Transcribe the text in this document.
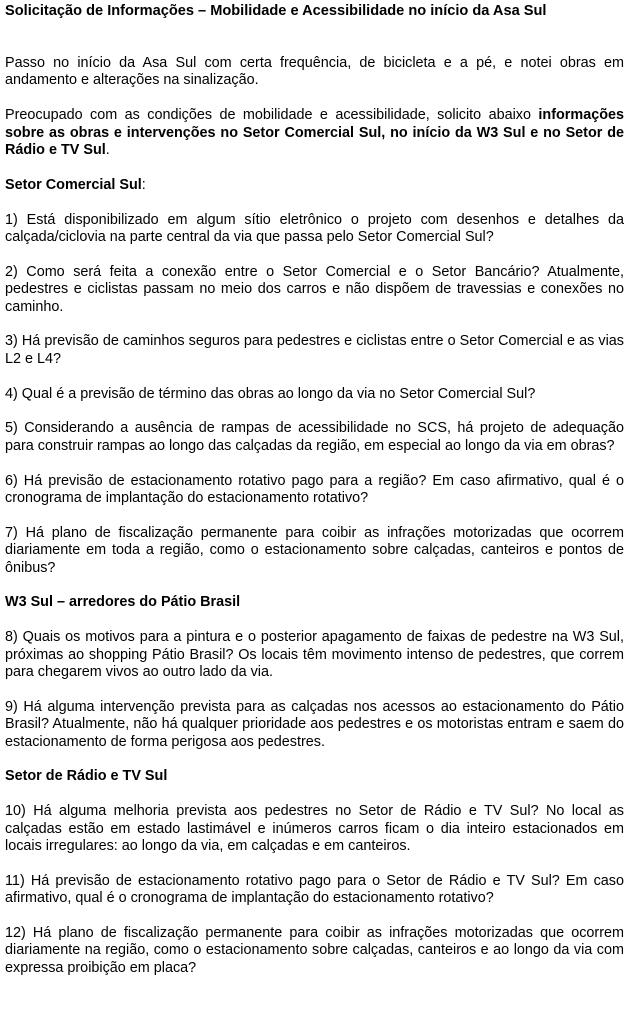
Solicitação de Informações – Mobilidade e Acessibilidade no início da Asa Sul

Passo no início da Asa Sul com certa frequência, de bicicleta e a pé, e notei obras em andamento e alterações na sinalização.

Preocupado com as condições de mobilidade e acessibilidade, solicito abaixo informações sobre as obras e intervenções no Setor Comercial Sul, no início da W3 Sul e no Setor de Rádio e TV Sul.

Setor Comercial Sul:

1) Está disponibilizado em algum sítio eletrônico o projeto com desenhos e detalhes da calçada/ciclovia na parte central da via que passa pelo Setor Comercial Sul?

2) Como será feita a conexão entre o Setor Comercial e o Setor Bancário? Atualmente, pedestres e ciclistas passam no meio dos carros e não dispõem de travessias e conexões no caminho.

3) Há previsão de caminhos seguros para pedestres e ciclistas entre o Setor Comercial e as vias L2 e L4?

4) Qual é a previsão de término das obras ao longo da via no Setor Comercial Sul?

5) Considerando a ausência de rampas de acessibilidade no SCS, há projeto de adequação para construir rampas ao longo das calçadas da região, em especial ao longo da via em obras?

6) Há previsão de estacionamento rotativo pago para a região? Em caso afirmativo, qual é o cronograma de implantação do estacionamento rotativo?

7) Há plano de fiscalização permanente para coibir as infrações motorizadas que ocorrem diariamente em toda a região, como o estacionamento sobre calçadas, canteiros e pontos de ônibus?

W3 Sul – arredores do Pátio Brasil

8) Quais os motivos para a pintura e o posterior apagamento de faixas de pedestre na W3 Sul, próximas ao shopping Pátio Brasil? Os locais têm movimento intenso de pedestres, que correm para chegarem vivos ao outro lado da via.

9) Há alguma intervenção prevista para as calçadas nos acessos ao estacionamento do Pátio Brasil? Atualmente, não há qualquer prioridade aos pedestres e os motoristas entram e saem do estacionamento de forma perigosa aos pedestres.

Setor de Rádio e TV Sul

10) Há alguma melhoria prevista aos pedestres no Setor de Rádio e TV Sul? No local as calçadas estão em estado lastimável e inúmeros carros ficam o dia inteiro estacionados em locais irregulares: ao longo da via, em calçadas e em canteiros.

11) Há previsão de estacionamento rotativo pago para o Setor de Rádio e TV Sul? Em caso afirmativo, qual é o cronograma de implantação do estacionamento rotativo?

12) Há plano de fiscalização permanente para coibir as infrações motorizadas que ocorrem diariamente na região, como o estacionamento sobre calçadas, canteiros e ao longo da via com expressa proibição em placa?
